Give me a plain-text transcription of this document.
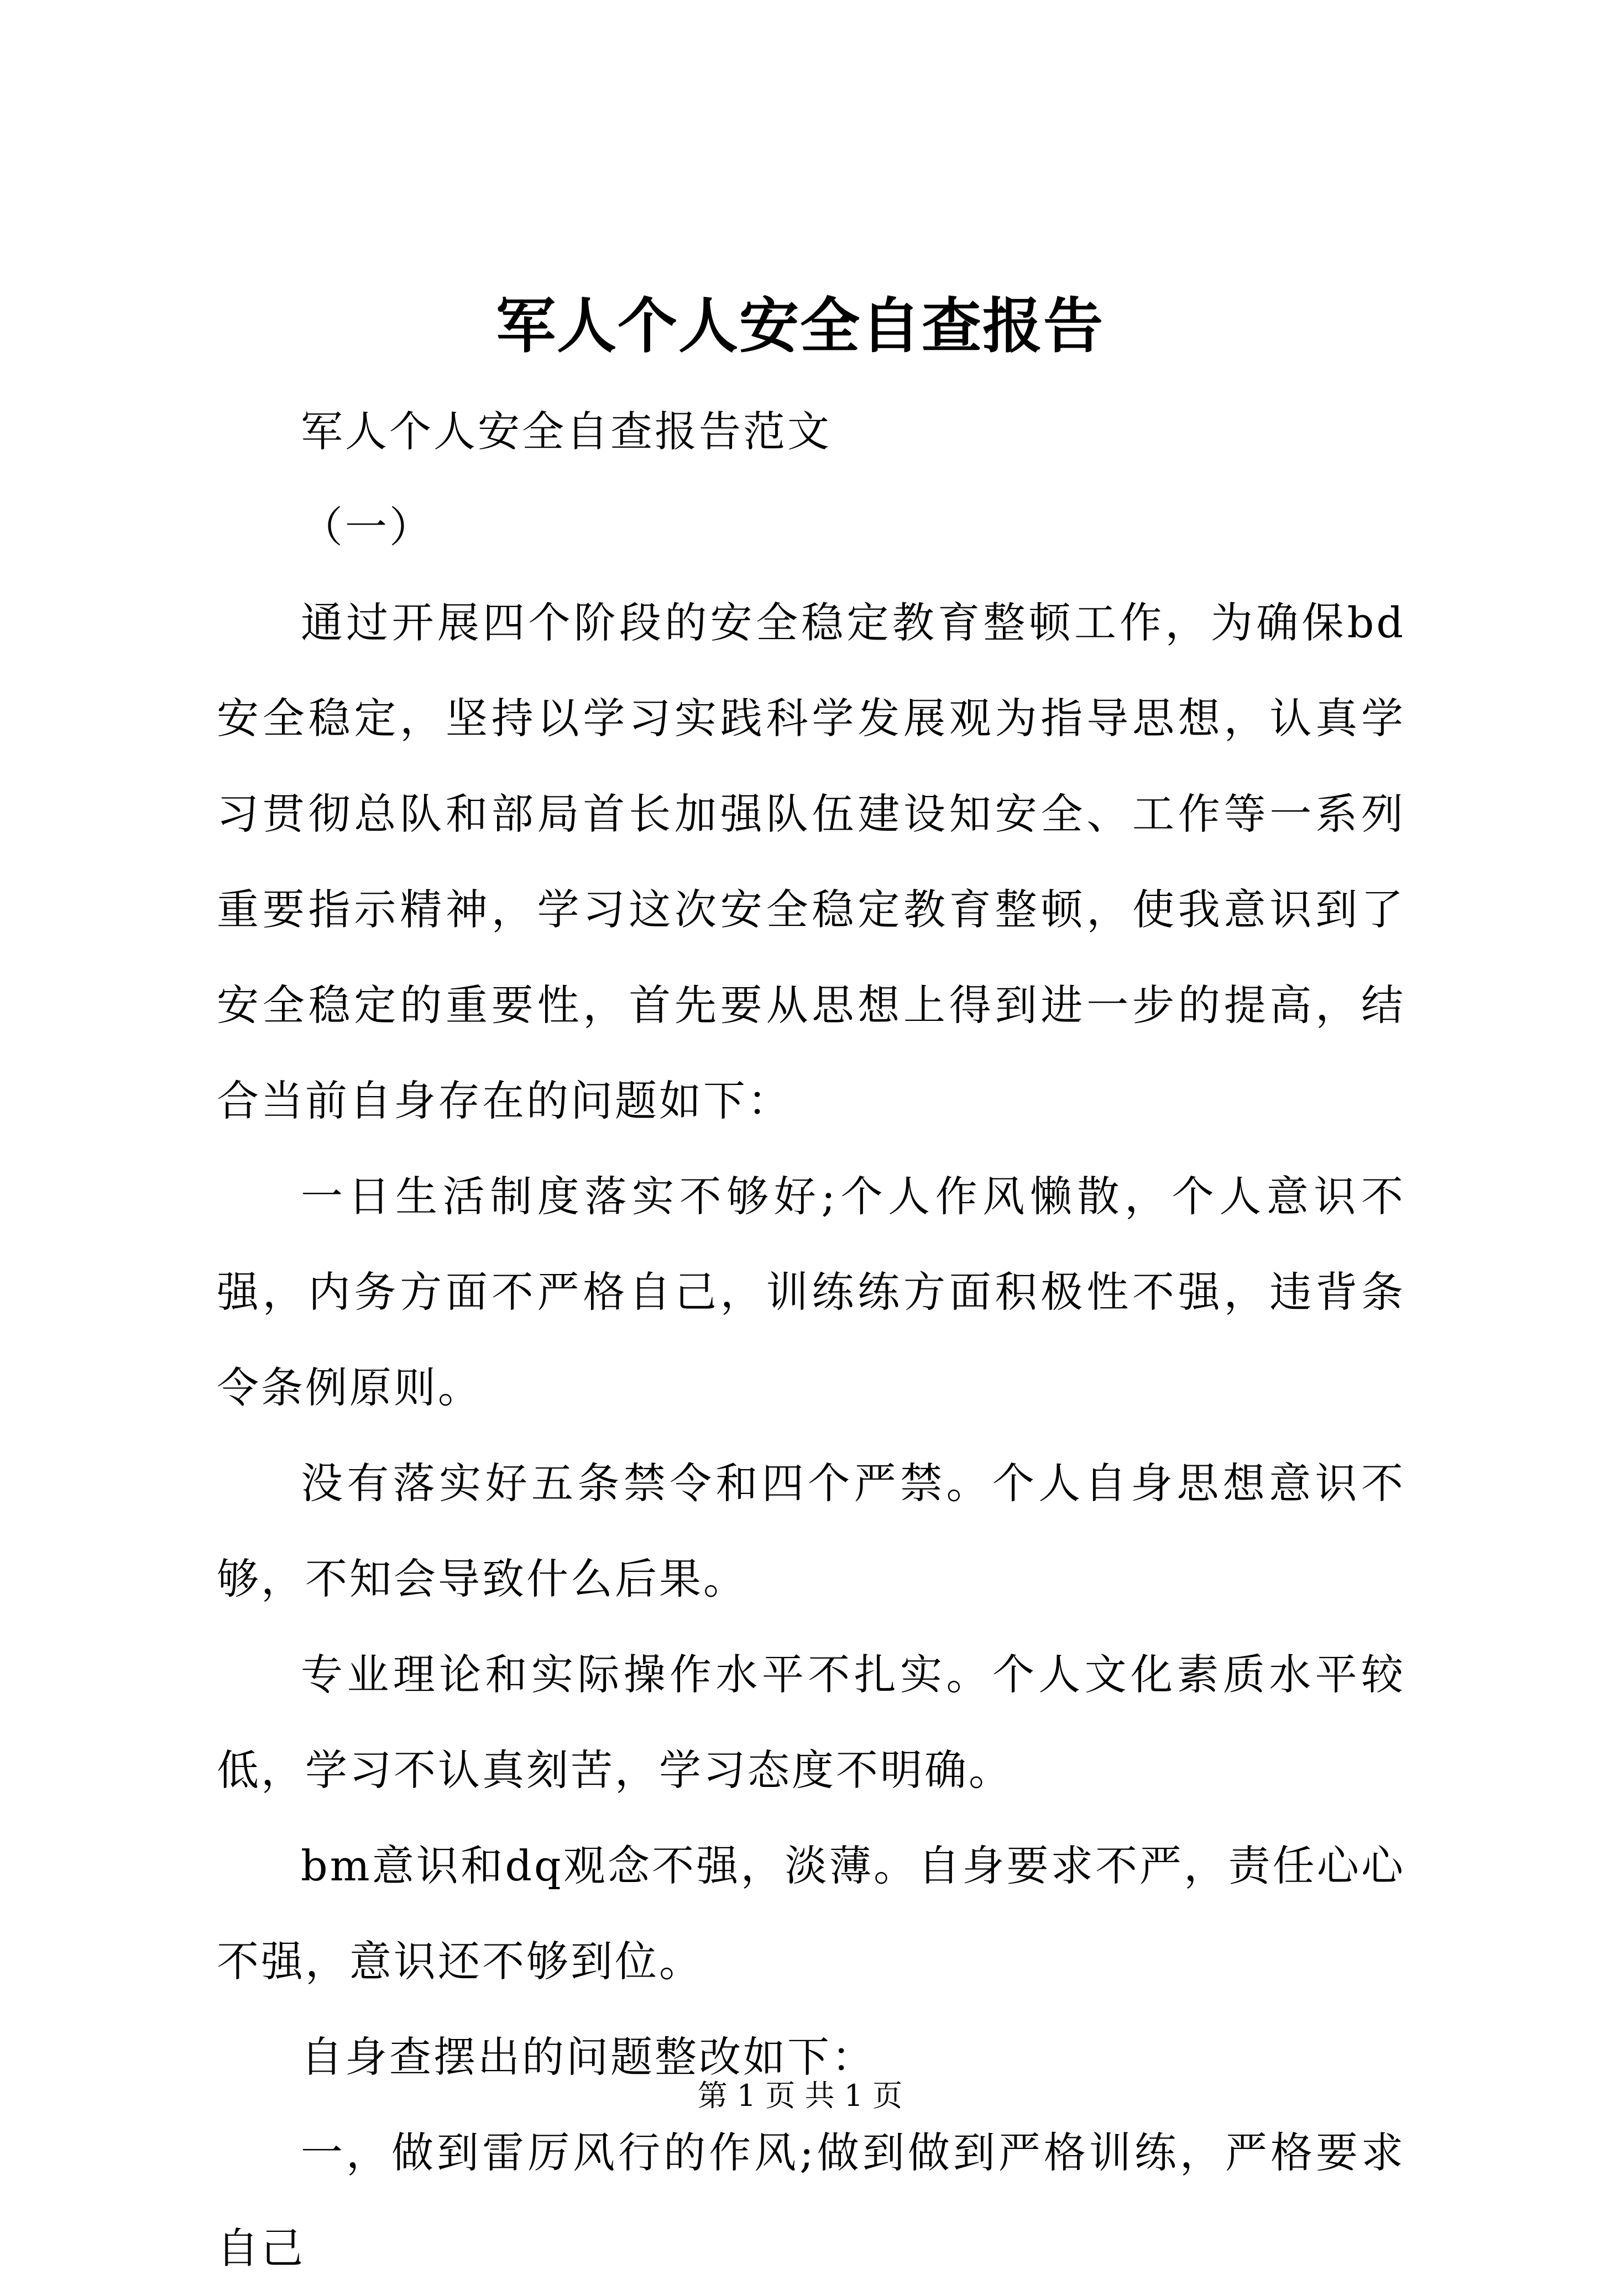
军人个人安全自查报告

军人个人安全自查报告范文

（一）

通过开展四个阶段的安全稳定教育整顿工作，为确保bd安全稳定，坚持以学习实践科学发展观为指导思想，认真学习贯彻总队和部局首长加强队伍建设知安全、工作等一系列重要指示精神，学习这次安全稳定教育整顿，使我意识到了安全稳定的重要性，首先要从思想上得到进一步的提高，结合当前自身存在的问题如下：

一日生活制度落实不够好;个人作风懒散，个人意识不强，内务方面不严格自己，训练练方面积极性不强，违背条令条例原则。

没有落实好五条禁令和四个严禁。个人自身思想意识不够，不知会导致什么后果。

专业理论和实际操作水平不扎实。个人文化素质水平较低，学习不认真刻苦，学习态度不明确。

bm意识和dq观念不强，淡薄。自身要求不严，责任心心不强，意识还不够到位。

自身查摆出的问题整改如下：

一，做到雷厉风行的作风;做到做到严格训练，严格要求自己

第 1 页 共 1 页
